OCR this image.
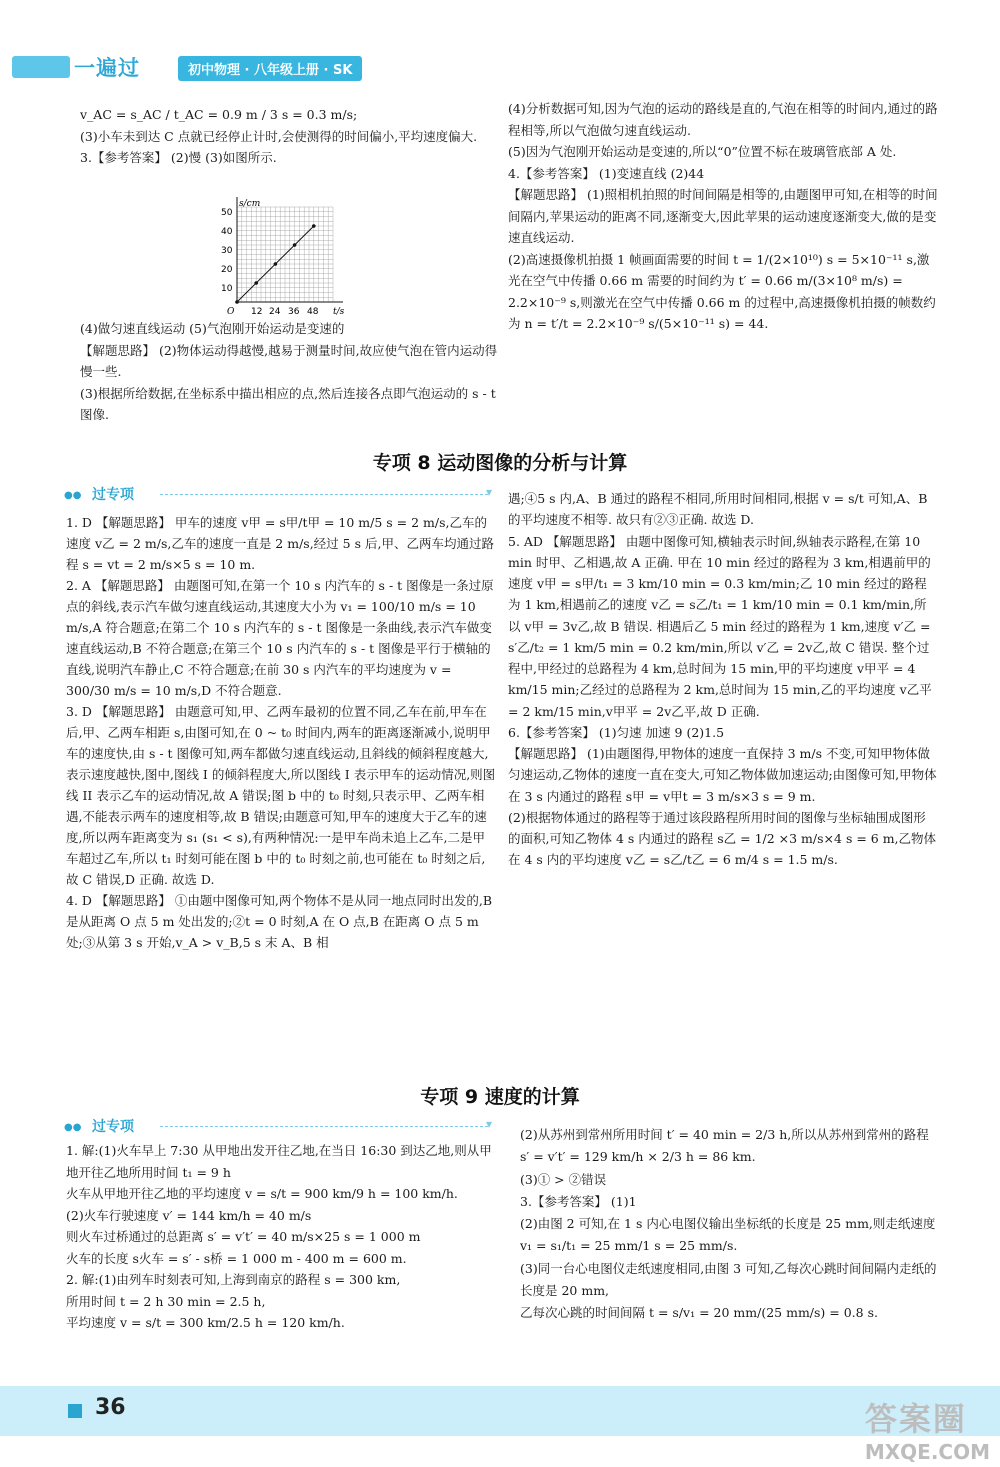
一遍过	初中物理 · 八年级上册 · SK

v_AC = s_AC / t_AC = 0.9 m / 3 s = 0.3 m/s;

(3)小车未到达 C 点就已经停止计时,会使测得的时间偏小,平均速度偏大.

3.【参考答案】 (2)慢 (3)如图所示.

s/cm
t/s
O
10
20
30
40
50
12 24 36 48

(4)做匀速直线运动 (5)气泡刚开始运动是变速的

【解题思路】 (2)物体运动得越慢,越易于测量时间,故应使气泡在管内运动得慢一些.

(3)根据所给数据,在坐标系中描出相应的点,然后连接各点即气泡运动的 s - t 图像.

(4)分析数据可知,因为气泡的运动的路线是直的,气泡在相等的时间内,通过的路程相等,所以气泡做匀速直线运动.

(5)因为气泡刚开始运动是变速的,所以“0”位置不标在玻璃管底部 A 处.

4.【参考答案】 (1)变速直线 (2)44

【解题思路】 (1)照相机拍照的时间间隔是相等的,由题图甲可知,在相等的时间间隔内,苹果运动的距离不同,逐渐变大,因此苹果的运动速度逐渐变大,做的是变速直线运动.

(2)高速摄像机拍摄 1 帧画面需要的时间 t = 1/(2×10¹⁰) s = 5×10⁻¹¹ s,激光在空气中传播 0.66 m 需要的时间约为 t′ = 0.66 m/(3×10⁸ m/s) = 2.2×10⁻⁹ s,则激光在空气中传播 0.66 m 的过程中,高速摄像机拍摄的帧数约为 n = t′/t = 2.2×10⁻⁹ s/(5×10⁻¹¹ s) = 44.

专项 8 运动图像的分析与计算
●● 过专项	▾

1. D 【解题思路】 甲车的速度 v甲 = s甲/t甲 = 10 m/5 s = 2 m/s,乙车的速度 v乙 = 2 m/s,乙车的速度一直是 2 m/s,经过 5 s 后,甲、乙两车均通过路程 s = vt = 2 m/s×5 s = 10 m.

2. A 【解题思路】 由题图可知,在第一个 10 s 内汽车的 s - t 图像是一条过原点的斜线,表示汽车做匀速直线运动,其速度大小为 v₁ = 100/10 m/s = 10 m/s,A 符合题意;在第二个 10 s 内汽车的 s - t 图像是一条曲线,表示汽车做变速直线运动,B 不符合题意;在第三个 10 s 内汽车的 s - t 图像是平行于横轴的直线,说明汽车静止,C 不符合题意;在前 30 s 内汽车的平均速度为 v = 300/30 m/s = 10 m/s,D 不符合题意.

3. D 【解题思路】 由题意可知,甲、乙两车最初的位置不同,乙车在前,甲车在后,甲、乙两车相距 s,由图可知,在 0 ~ t₀ 时间内,两车的距离逐渐减小,说明甲车的速度快,由 s - t 图像可知,两车都做匀速直线运动,且斜线的倾斜程度越大,表示速度越快,图中,图线 I 的倾斜程度大,所以图线 I 表示甲车的运动情况,则图线 II 表示乙车的运动情况,故 A 错误;图 b 中的 t₀ 时刻,只表示甲、乙两车相遇,不能表示两车的速度相等,故 B 错误;由题意可知,甲车的速度大于乙车的速度,所以两车距离变为 s₁ (s₁ < s),有两种情况:一是甲车尚未追上乙车,二是甲车超过乙车,所以 t₁ 时刻可能在图 b 中的 t₀ 时刻之前,也可能在 t₀ 时刻之后,故 C 错误,D 正确. 故选 D.

4. D 【解题思路】 ①由题中图像可知,两个物体不是从同一地点同时出发的,B 是从距离 O 点 5 m 处出发的;②t = 0 时刻,A 在 O 点,B 在距离 O 点 5 m 处;③从第 3 s 开始,v_A > v_B,5 s 末 A、B 相

遇;④5 s 内,A、B 通过的路程不相同,所用时间相同,根据 v = s/t 可知,A、B 的平均速度不相等. 故只有②③正确. 故选 D.

5. AD 【解题思路】 由题中图像可知,横轴表示时间,纵轴表示路程,在第 10 min 时甲、乙相遇,故 A 正确. 甲在 10 min 经过的路程为 3 km,相遇前甲的速度 v甲 = s甲/t₁ = 3 km/10 min = 0.3 km/min;乙 10 min 经过的路程为 1 km,相遇前乙的速度 v乙 = s乙/t₁ = 1 km/10 min = 0.1 km/min,所以 v甲 = 3v乙,故 B 错误. 相遇后乙 5 min 经过的路程为 1 km,速度 v′乙 = s′乙/t₂ = 1 km/5 min = 0.2 km/min,所以 v′乙 = 2v乙,故 C 错误. 整个过程中,甲经过的总路程为 4 km,总时间为 15 min,甲的平均速度 v甲平 = 4 km/15 min;乙经过的总路程为 2 km,总时间为 15 min,乙的平均速度 v乙平 = 2 km/15 min,v甲平 = 2v乙平,故 D 正确.

6.【参考答案】 (1)匀速 加速 9 (2)1.5

【解题思路】 (1)由题图得,甲物体的速度一直保持 3 m/s 不变,可知甲物体做匀速运动,乙物体的速度一直在变大,可知乙物体做加速运动;由图像可知,甲物体在 3 s 内通过的路程 s甲 = v甲t = 3 m/s×3 s = 9 m.

(2)根据物体通过的路程等于通过该段路程所用时间的图像与坐标轴围成图形的面积,可知乙物体 4 s 内通过的路程 s乙 = 1/2 ×3 m/s×4 s = 6 m,乙物体在 4 s 内的平均速度 v乙 = s乙/t乙 = 6 m/4 s = 1.5 m/s.

专项 9 速度的计算
●● 过专项	▾

1. 解:(1)火车早上 7:30 从甲地出发开往乙地,在当日 16:30 到达乙地,则从甲地开往乙地所用时间 t₁ = 9 h

火车从甲地开往乙地的平均速度 v = s/t = 900 km/9 h = 100 km/h.

(2)火车行驶速度 v′ = 144 km/h = 40 m/s

则火车过桥通过的总距离 s′ = v′t′ = 40 m/s×25 s = 1 000 m

火车的长度 s火车 = s′ - s桥 = 1 000 m - 400 m = 600 m.

2. 解:(1)由列车时刻表可知,上海到南京的路程 s = 300 km,

所用时间 t = 2 h 30 min = 2.5 h,

平均速度 v = s/t = 300 km/2.5 h = 120 km/h.

(2)从苏州到常州所用时间 t′ = 40 min = 2/3 h,所以从苏州到常州的路程 s′ = v′t′ = 129 km/h × 2/3 h = 86 km.

(3)① > ②错误

3.【参考答案】 (1)1

(2)由图 2 可知,在 1 s 内心电图仪输出坐标纸的长度是 25 mm,则走纸速度 v₁ = s₁/t₁ = 25 mm/1 s = 25 mm/s.

(3)同一台心电图仪走纸速度相同,由图 3 可知,乙每次心跳时间间隔内走纸的长度是 20 mm,

乙每次心跳的时间间隔 t = s/v₁ = 20 mm/(25 mm/s) = 0.8 s.

36	答案圈
MXQE.COM
